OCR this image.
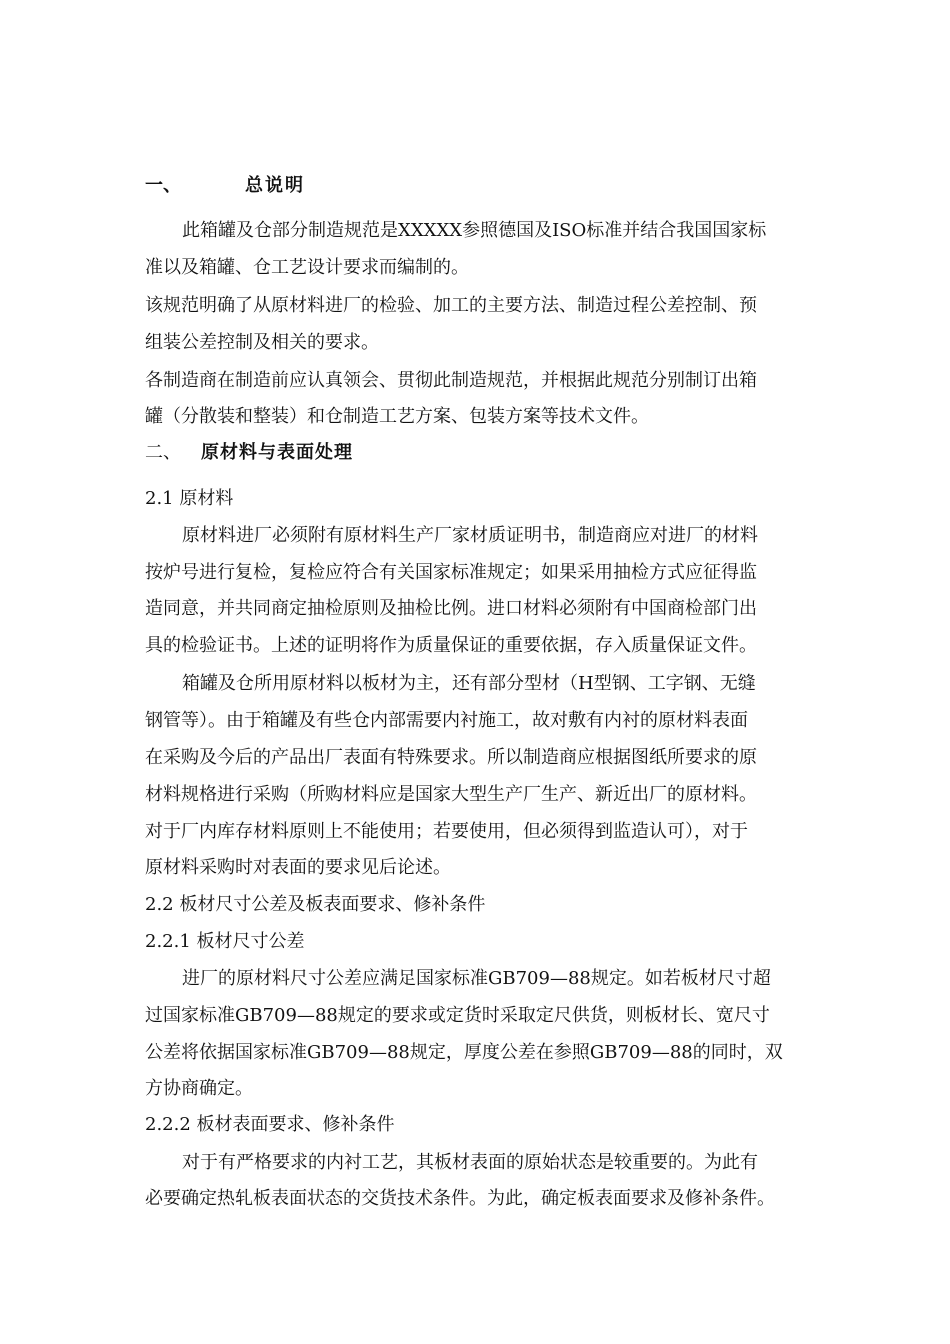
一、	总说明
此箱罐及仓部分制造规范是XXXXX参照德国及ISO标准并结合我国国家标
准以及箱罐、仓工艺设计要求而编制的。
该规范明确了从原材料进厂的检验、加工的主要方法、制造过程公差控制、预
组装公差控制及相关的要求。
各制造商在制造前应认真领会、贯彻此制造规范，并根据此规范分别制订出箱
罐（分散装和整装）和仓制造工艺方案、包装方案等技术文件。
二、 原材料与表面处理
2.1 原材料
原材料进厂必须附有原材料生产厂家材质证明书，制造商应对进厂的材料
按炉号进行复检，复检应符合有关国家标准规定；如果采用抽检方式应征得监
造同意，并共同商定抽检原则及抽检比例。进口材料必须附有中国商检部门出
具的检验证书。上述的证明将作为质量保证的重要依据，存入质量保证文件。
箱罐及仓所用原材料以板材为主，还有部分型材（H型钢、工字钢、无缝
钢管等）。由于箱罐及有些仓内部需要内衬施工，故对敷有内衬的原材料表面
在采购及今后的产品出厂表面有特殊要求。所以制造商应根据图纸所要求的原
材料规格进行采购（所购材料应是国家大型生产厂生产、新近出厂的原材料。
对于厂内库存材料原则上不能使用；若要使用，但必须得到监造认可），对于
原材料采购时对表面的要求见后论述。
2.2 板材尺寸公差及板表面要求、修补条件
2.2.1 板材尺寸公差
进厂的原材料尺寸公差应满足国家标准GB709—88规定。如若板材尺寸超
过国家标准GB709—88规定的要求或定货时采取定尺供货，则板材长、宽尺寸
公差将依据国家标准GB709—88规定，厚度公差在参照GB709—88的同时，双
方协商确定。
2.2.2 板材表面要求、修补条件
对于有严格要求的内衬工艺，其板材表面的原始状态是较重要的。为此有
必要确定热轧板表面状态的交货技术条件。为此，确定板表面要求及修补条件。
